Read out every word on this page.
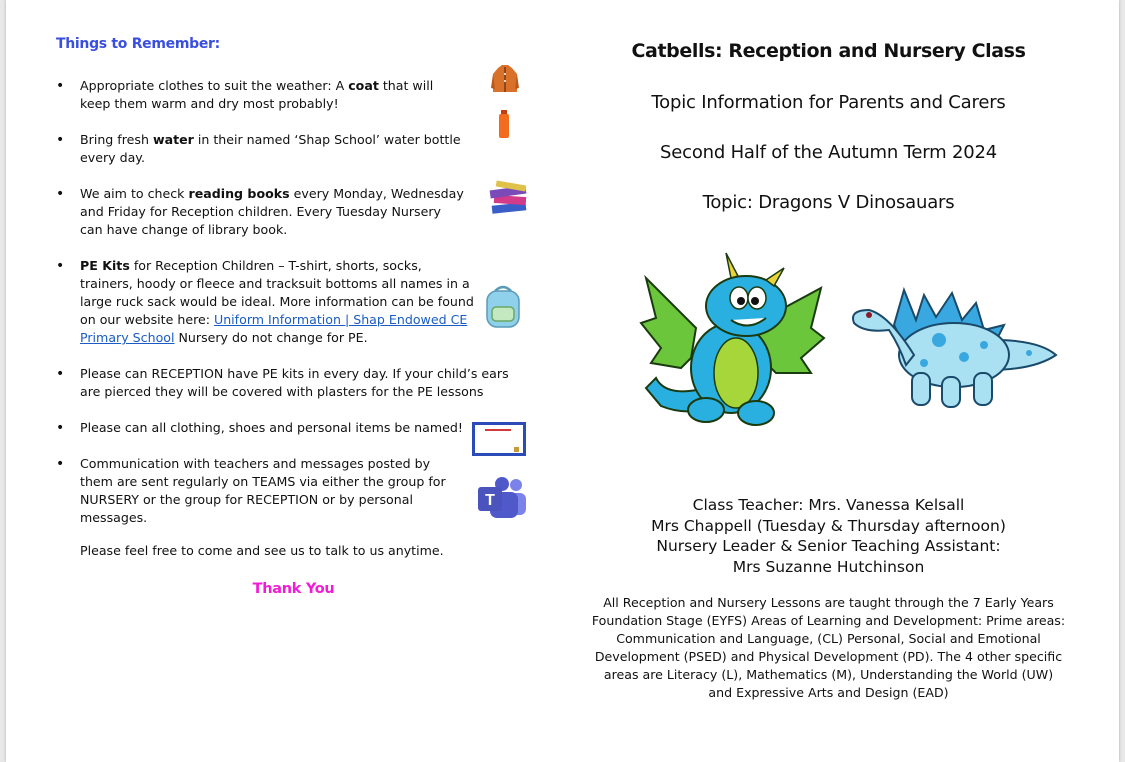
Things to Remember:
• Appropriate clothes to suit the weather: A coat that will keep them warm and dry most probably!
• Bring fresh water in their named ‘Shap School’ water bottle every day.
• We aim to check reading books every Monday, Wednesday and Friday for Reception children. Every Tuesday Nursery can have change of library book.
• PE Kits for Reception Children – T-shirt, shorts, socks, trainers, hoody or fleece and tracksuit bottoms all names in a large ruck sack would be ideal. More information can be found on our website here: Uniform Information | Shap Endowed CE Primary School Nursery do not change for PE.
• Please can RECEPTION have PE kits in every day. If your child’s ears are pierced they will be covered with plasters for the PE lessons
• Please can all clothing, shoes and personal items be named!
• Communication with teachers and messages posted by them are sent regularly on TEAMS via either the group for NURSERY or the group for RECEPTION or by personal messages.
T
Please feel free to come and see us to talk to us anytime.
Thank You
Catbells: Reception and Nursery Class
Topic Information for Parents and Carers
Second Half of the Autumn Term 2024
Topic: Dragons V Dinosauars
Class Teacher: Mrs. Vanessa Kelsall
Mrs Chappell (Tuesday & Thursday afternoon)
Nursery Leader & Senior Teaching Assistant:
Mrs Suzanne Hutchinson
All Reception and Nursery Lessons are taught through the 7 Early Years Foundation Stage (EYFS) Areas of Learning and Development: Prime areas: Communication and Language, (CL) Personal, Social and Emotional Development (PSED) and Physical Development (PD). The 4 other specific areas are Literacy (L), Mathematics (M), Understanding the World (UW) and Expressive Arts and Design (EAD)
